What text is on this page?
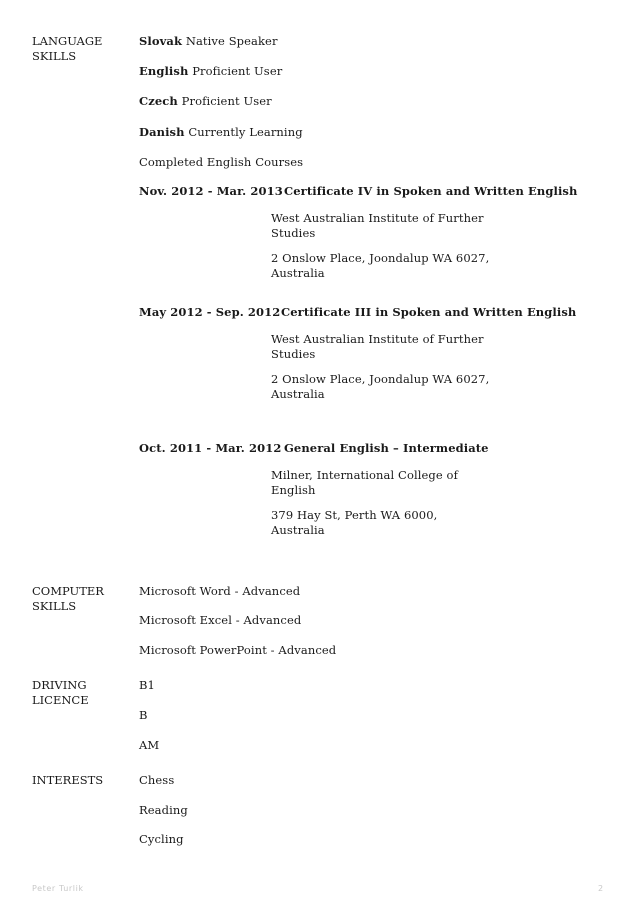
LANGUAGE
SKILLS
Slovak Native Speaker
English Proficient User
Czech Proficient User
Danish Currently Learning
Completed English Courses
Nov. 2012 - Mar. 2013 Certificate IV in Spoken and Written English
West Australian Institute of Further
Studies
2 Onslow Place, Joondalup WA 6027,
Australia
May 2012 - Sep. 2012 Certificate III in Spoken and Written English
West Australian Institute of Further
Studies
2 Onslow Place, Joondalup WA 6027,
Australia
Oct. 2011 - Mar. 2012 General English – Intermediate
Milner, International College of
English
379 Hay St, Perth WA 6000,
Australia
COMPUTER
SKILLS
Microsoft Word - Advanced
Microsoft Excel - Advanced
Microsoft PowerPoint - Advanced
DRIVING
LICENCE
B1
B
AM
INTERESTS	Chess
Reading
Cycling
Peter Turlik	2
